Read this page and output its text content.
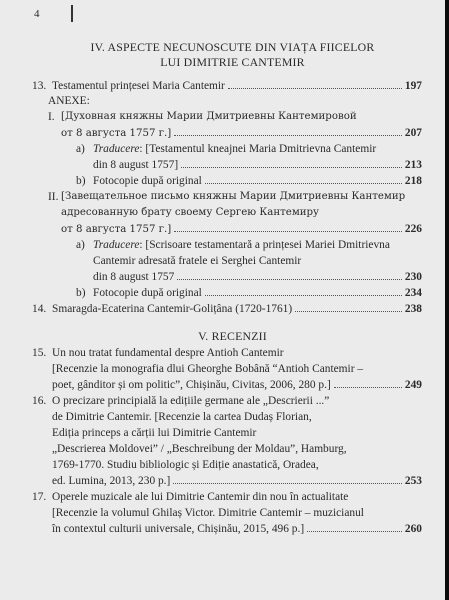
4
IV. ASPECTE NECUNOSCUTE DIN VIAȚA FIICELOR
LUI DIMITRIE CANTEMIR
13. Testamentul prințesei Maria Cantemir	197
ANEXE:
I. [Духовная княжны Марии Дмитриевны Кантемировой
от 8 августа 1757 г.]	207
a) Traducere: [Testamentul kneajnei Maria Dmitrievna Cantemir
din 8 august 1757]	213
b) Fotocopie după original	218
II. [Завещательное письмо княжны Марии Дмитриевны Кантемир
адресованную брату своему Сергею Кантемиру
от 8 августа 1757 г.]	226
a) Traducere: [Scrisoare testamentară a prințesei Mariei Dmitrievna
Cantemir adresată fratele ei Serghei Cantemir
din 8 august 1757	230
b) Fotocopie după original	234
14. Smaragda-Ecaterina Cantemir-Golițâna (1720-1761)	238
V. RECENZII
15. Un nou tratat fundamental despre Antioh Cantemir
[Recenzie la monografia dlui Gheorghe Bobână “Antioh Cantemir –
poet, gânditor și om politic”, Chișinău, Civitas, 2006, 280 p.]	249
16. O precizare principială la edițiile germane ale „Descrierii ...”
de Dimitrie Cantemir. [Recenzie la cartea Dudaș Florian,
Ediția princeps a cărții lui Dimitrie Cantemir
„Descrierea Moldovei” / „Beschreibung der Moldau”, Hamburg,
1769-1770. Studiu bibliologic și Ediție anastatică, Oradea,
ed. Lumina, 2013, 230 p.]	253
17. Operele muzicale ale lui Dimitrie Cantemir din nou în actualitate
[Recenzie la volumul Ghilaș Victor. Dimitrie Cantemir – muzicianul
în contextul culturii universale, Chișinău, 2015, 496 p.]	260
